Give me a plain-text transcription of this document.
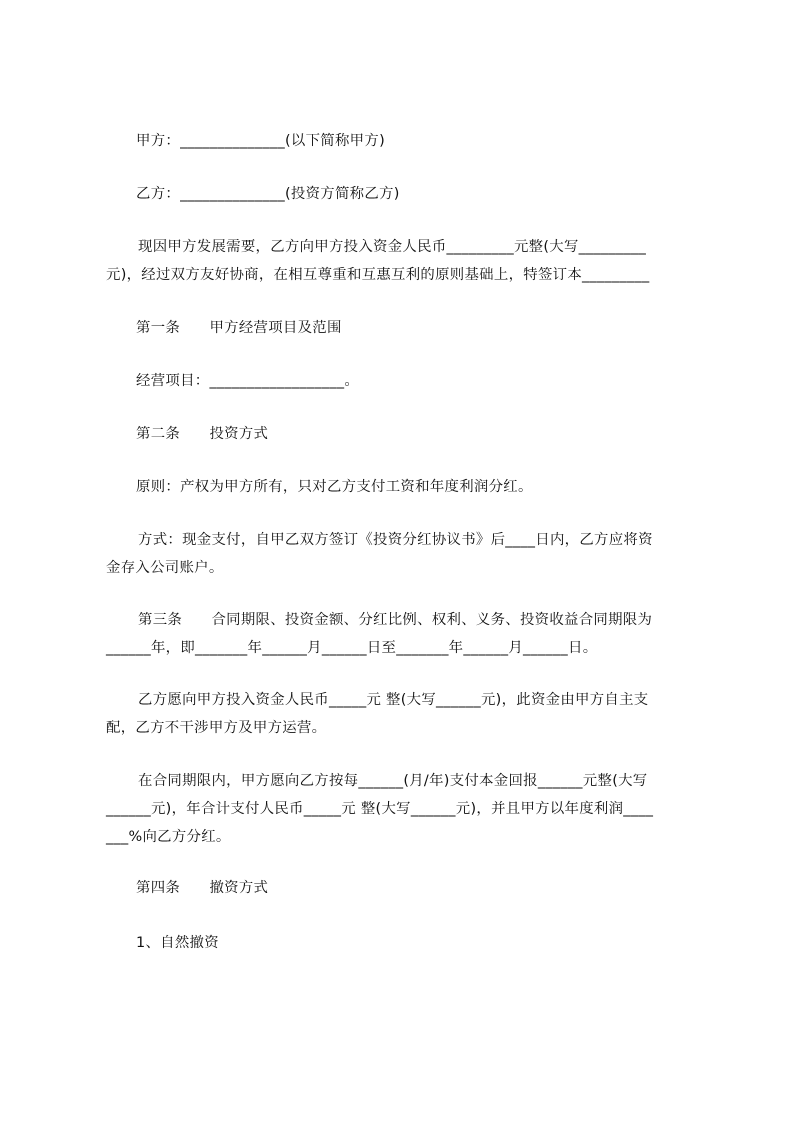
甲方：______________(以下简称甲方)
乙方：______________(投资方简称乙方)
现因甲方发展需要，乙方向甲方投入资金人民币_________元整(大写_________
元)，经过双方友好协商，在相互尊重和互惠互利的原则基础上，特签订本_________
第一条　　甲方经营项目及范围
经营项目：__________________。
第二条　　投资方式
原则：产权为甲方所有，只对乙方支付工资和年度利润分红。
方式：现金支付，自甲乙双方签订《投资分红协议书》后____日内，乙方应将资
金存入公司账户。
第三条　　合同期限、投资金额、分红比例、权利、义务、投资收益合同期限为
______年，即_______年______月______日至_______年______月______日。
乙方愿向甲方投入资金人民币_____元 整(大写______元)，此资金由甲方自主支
配，乙方不干涉甲方及甲方运营。
在合同期限内，甲方愿向乙方按每______(月/年)支付本金回报______元整(大写
______元)，年合计支付人民币_____元 整(大写______元)，并且甲方以年度利润____
___%向乙方分红。
第四条　　撤资方式
1、自然撤资
